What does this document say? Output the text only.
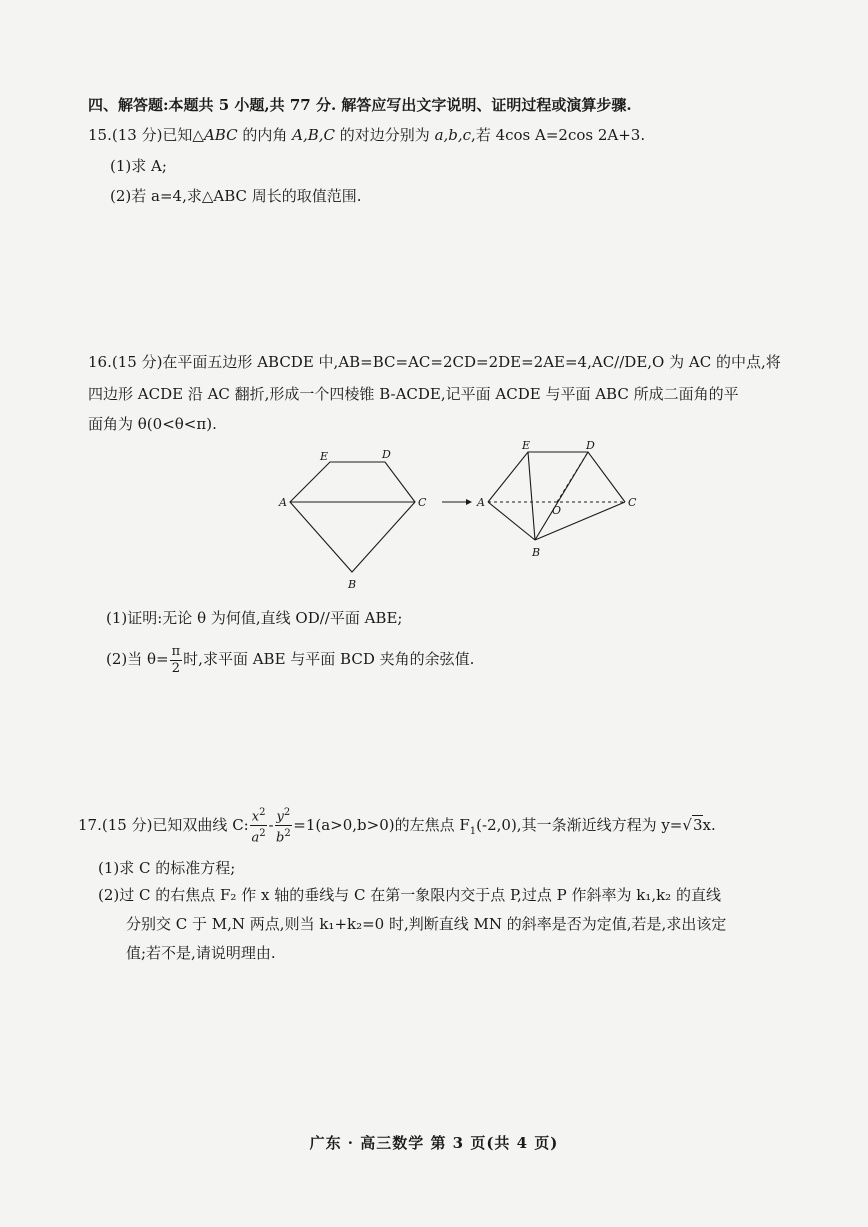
四、解答题:本题共 5 小题,共 77 分. 解答应写出文字说明、证明过程或演算步骤.
15.(13 分)已知△ABC 的内角 A,B,C 的对边分别为 a,b,c,若 4cos A=2cos 2A+3.
(1)求 A;
(2)若 a=4,求△ABC 周长的取值范围.
16.(15 分)在平面五边形 ABCDE 中,AB=BC=AC=2CD=2DE=2AE=4,AC//DE,O 为 AC 的中点,将
四边形 ACDE 沿 AC 翻折,形成一个四棱锥 B-ACDE,记平面 ACDE 与平面 ABC 所成二面角的平
面角为 θ(0<θ<π).
E	D
A	C
B
E	D
A	C
O
B
(1)证明:无论 θ 为何值,直线 OD//平面 ABE;
(2)当 $\theta= \frac{\pi}{2}$ 时,求平面 ABE 与平面 BCD 夹角的余弦值.
17.(15 分)已知双曲线 C: $\frac{x^2}{a^2} - \frac{y^2}{b^2} =1(a>0,b>0)$的左焦点 $F_1(-2,0)$,其一条渐近线方程为 y=√3x.
(1)求 C 的标准方程;
(2)过 C 的右焦点 F₂ 作 x 轴的垂线与 C 在第一象限内交于点 P,过点 P 作斜率为 k₁,k₂ 的直线
分别交 C 于 M,N 两点,则当 k₁+k₂=0 时,判断直线 MN 的斜率是否为定值,若是,求出该定
值;若不是,请说明理由.
广东 · 高三数学 第 3 页(共 4 页)
